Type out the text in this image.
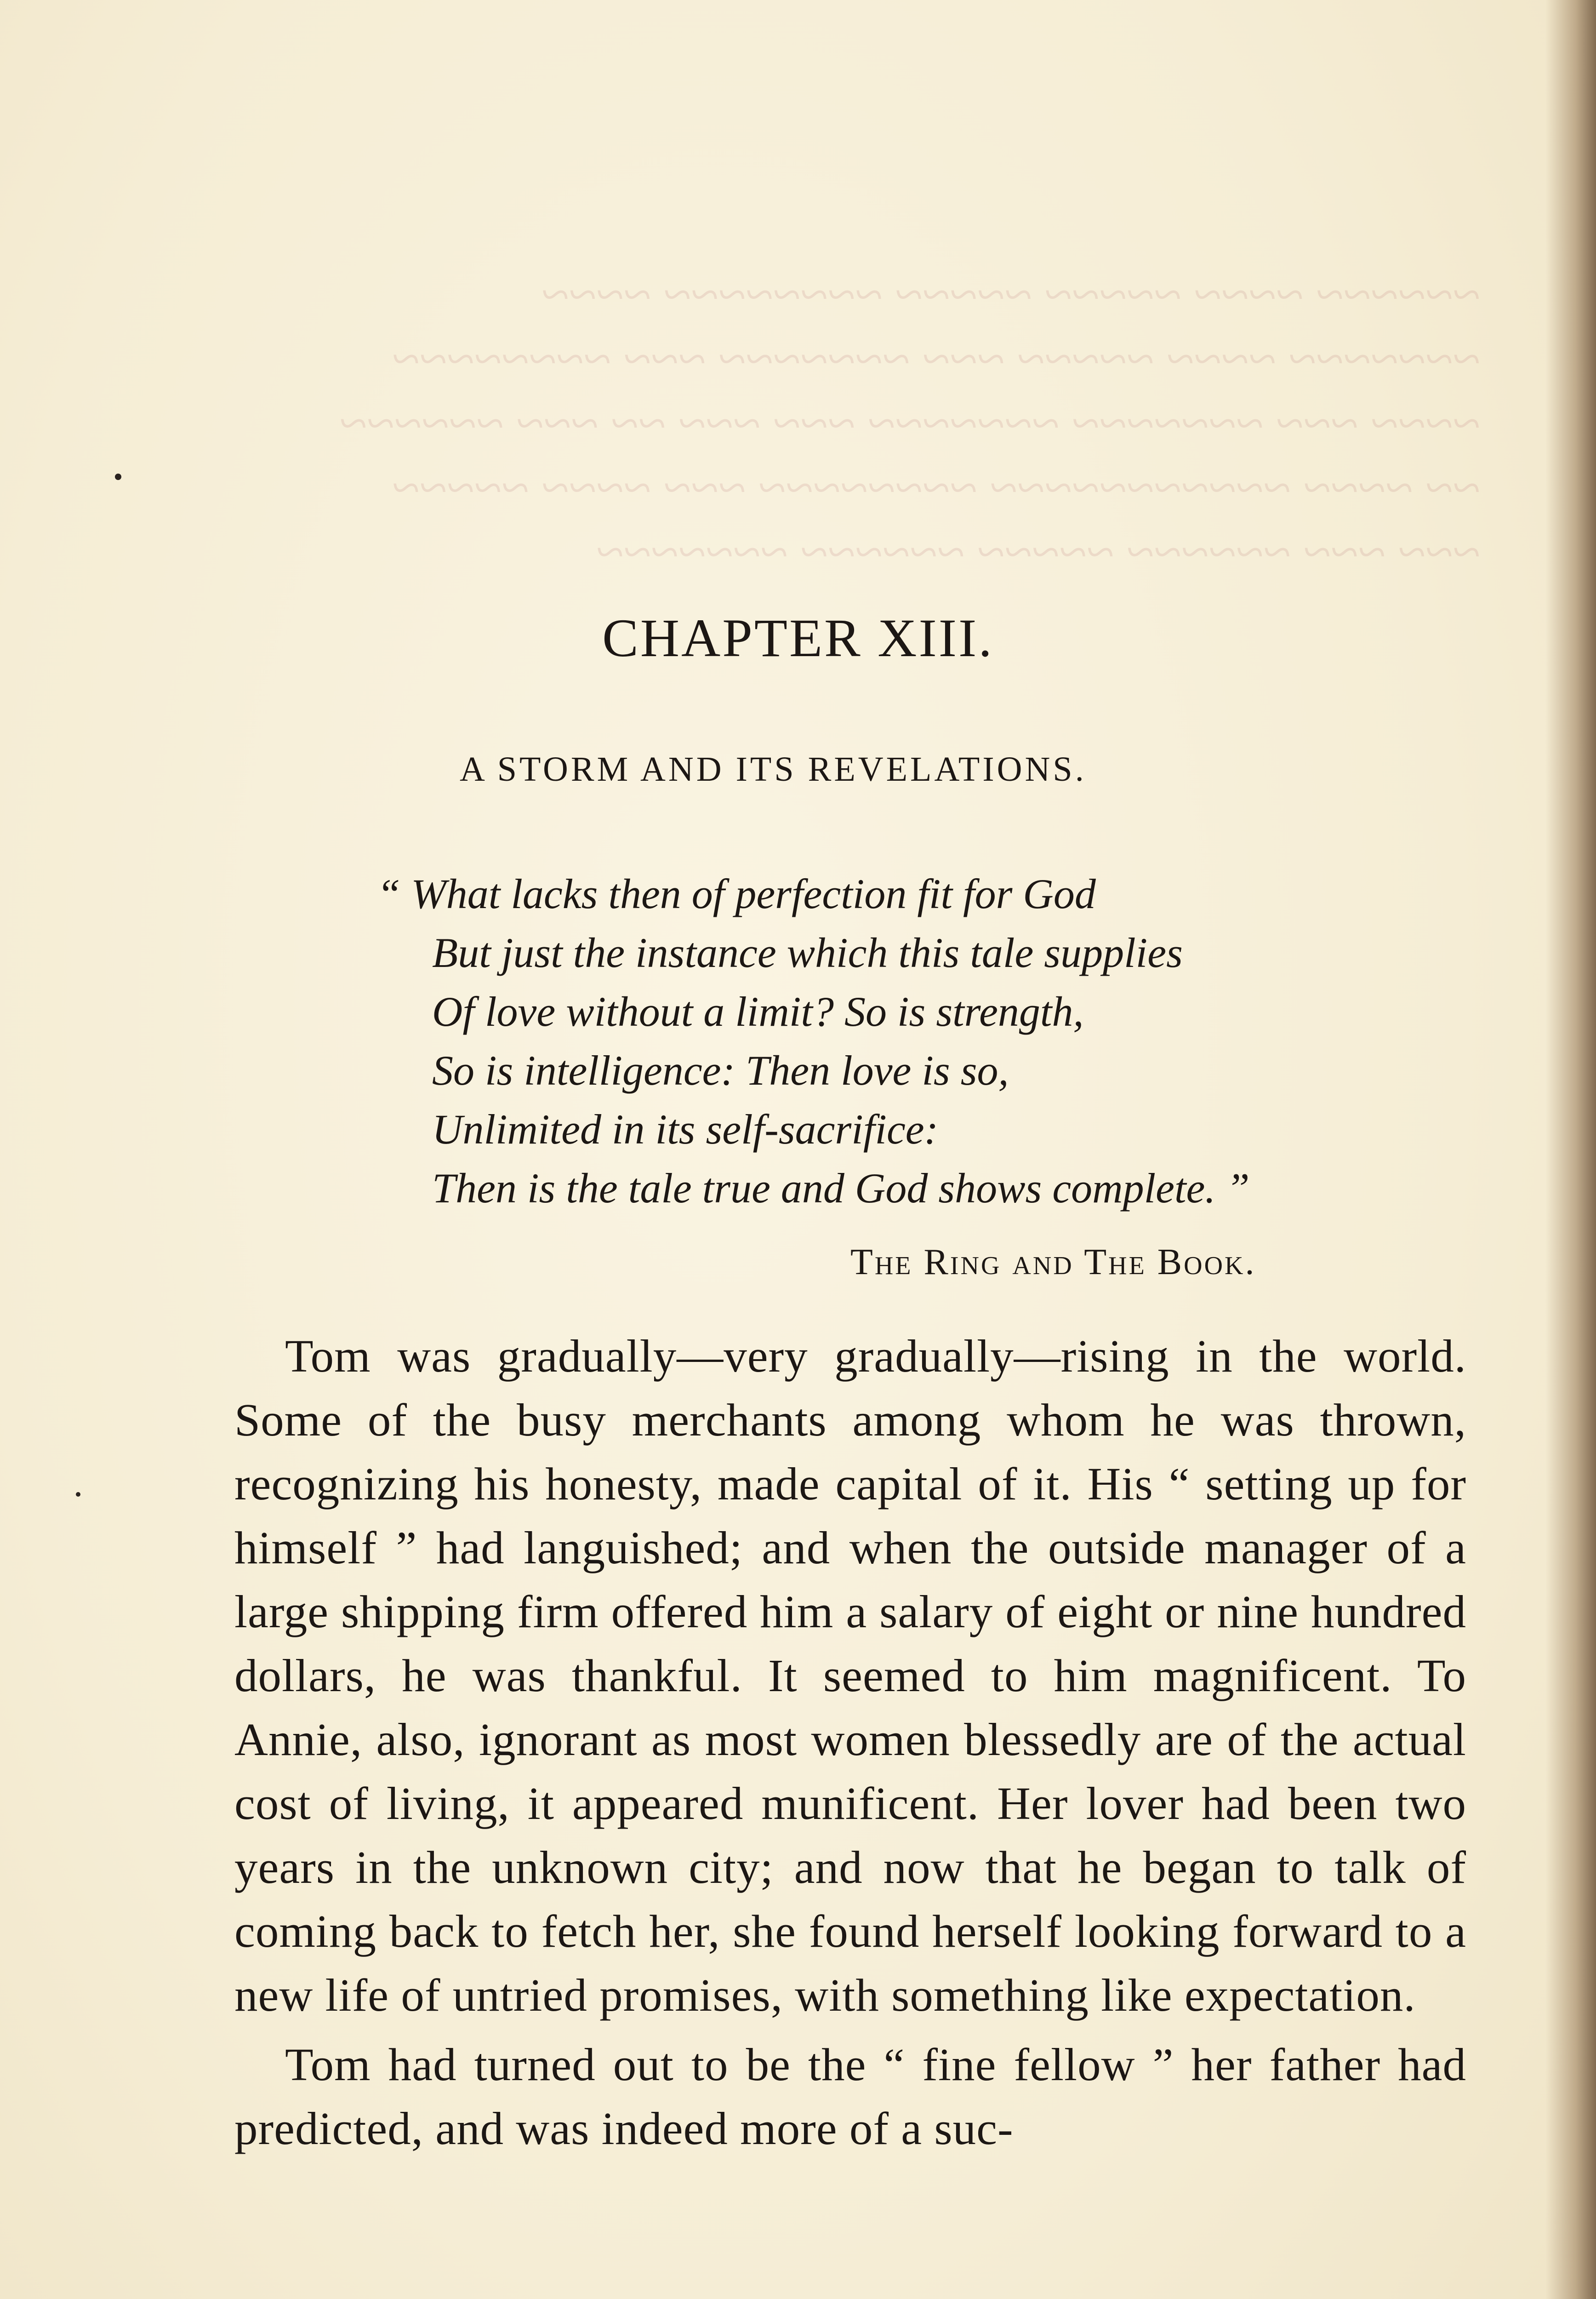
~~~~~~ ~~~~ ~~~~~ ~~~~~ ~~~~~~~~ ~~~~
~~~~~~~ ~~~~ ~~~~~ ~~~ ~~~~~~~ ~~~ ~~~~~~~~
~~~~ ~~~ ~~~~~~~ ~~~~~~~ ~~~ ~~~ ~~ ~~~ ~~~~~~
~~ ~~~~ ~~~~~~~~~~~ ~~~~~~~~ ~~~ ~~~~ ~~~~~
~~~ ~~~ ~~~~~~ ~~~~~ ~~~~~~ ~~~~~~~

CHAPTER XIII.
A STORM AND ITS REVELATIONS.
“ What lacks then of perfection fit for God
But just the instance which this tale supplies
Of love without a limit? So is strength,
So is intelligence: Then love is so,
Unlimited in its self-sacrifice:
Then is the tale true and God shows complete. ”
The Ring and The Book.

Tom was gradually—very gradually—rising in the world. Some of the busy merchants among whom he was thrown, recognizing his honesty, made capital of it. His “ setting up for himself ” had languished; and when the outside manager of a large shipping firm offered him a salary of eight or nine hundred dollars, he was thankful. It seemed to him magnificent. To Annie, also, ignorant as most women blessedly are of the actual cost of living, it appeared munificent. Her lover had been two years in the unknown city; and now that he began to talk of coming back to fetch her, she found herself looking forward to a new life of untried promises, with something like expectation.

Tom had turned out to be the “ fine fellow ” her father had predicted, and was indeed more of a suc-
